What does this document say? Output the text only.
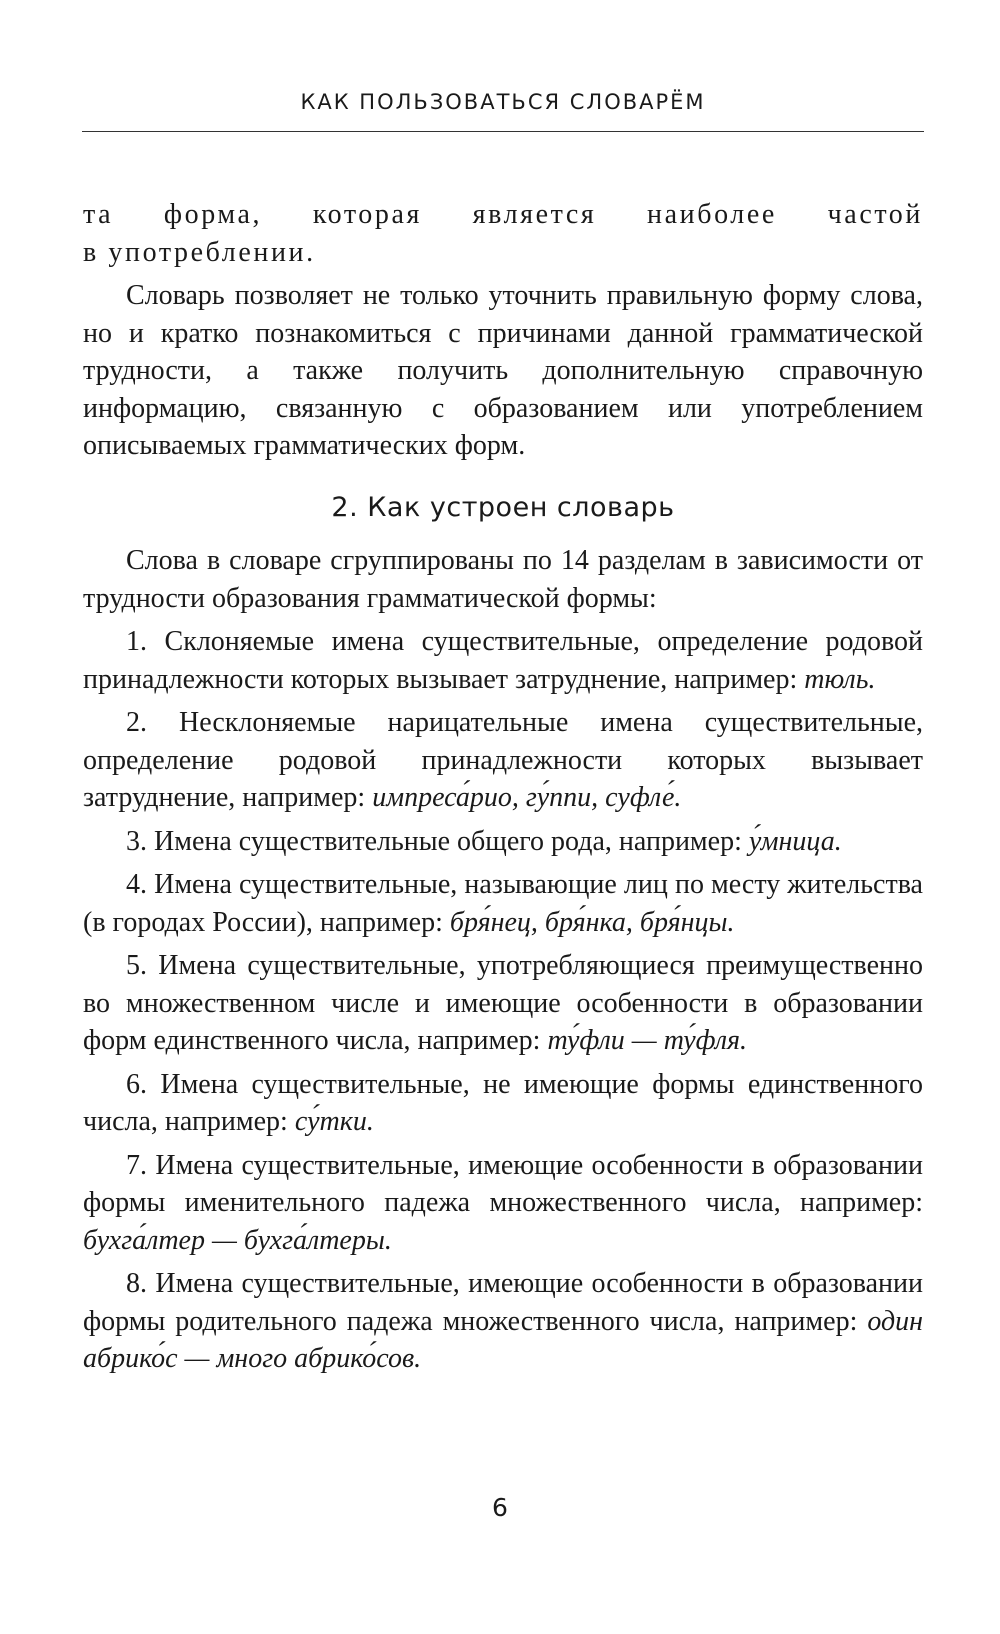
КАК ПОЛЬЗОВАТЬСЯ СЛОВАРЁМ

та форма, которая является наиболее частой

в употреблении.

Словарь позволяет не только уточнить правильную форму слова, но и кратко познакомиться с причинами данной грамматической трудности, а также получить дополнительную справочную информацию, связанную с образованием или употреблением описываемых грамматических форм.

2. Как устроен словарь

Слова в словаре сгруппированы по 14 разделам в зависимости от трудности образования грамматической формы:

1. Склоняемые имена существительные, определение родовой принадлежности которых вызывает затруднение, например: тюль.

2. Несклоняемые нарицательные имена существительные, определение родовой принадлежности которых вызывает затруднение, например: импреса́рио, гу́ппи, суфле́.

3. Имена существительные общего рода, например: у́мница.

4. Имена существительные, называющие лиц по месту жительства (в городах России), например: бря́нец, бря́нка, бря́нцы.

5. Имена существительные, употребляющиеся преимущественно во множественном числе и имеющие особенности в образовании форм единственного числа, например: ту́фли — ту́фля.

6. Имена существительные, не имеющие формы единственного числа, например: су́тки.

7. Имена существительные, имеющие особенности в образовании формы именительного падежа множественного числа, например: бухга́лтер — бухга́лтеры.

8. Имена существительные, имеющие особенности в образовании формы родительного падежа множественного числа, например: один абрико́с — много абрико́сов.

6
